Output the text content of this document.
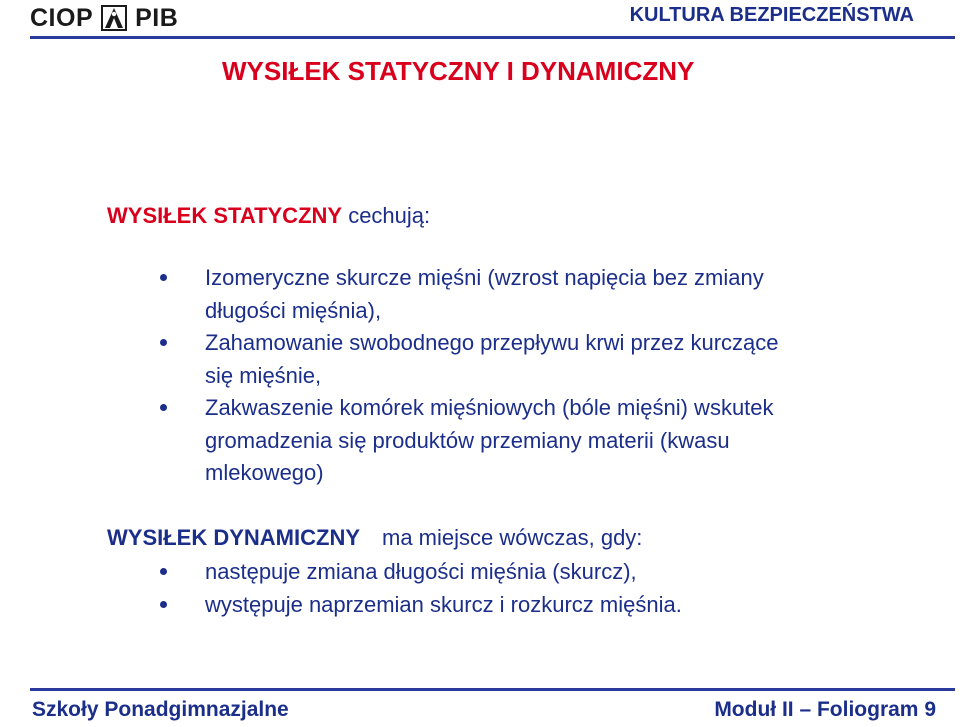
CIOP PIB	KULTURA BEZPIECZEŃSTWA
WYSIŁEK STATYCZNY I DYNAMICZNY
WYSIŁEK STATYCZNY cechują:
Izomeryczne skurcze mięśni (wzrost napięcia bez zmiany długości mięśnia),
Zahamowanie swobodnego przepływu krwi przez kurczące się mięśnie,
Zakwaszenie komórek mięśniowych (bóle mięśni) wskutek gromadzenia się produktów przemiany materii (kwasu mlekowego)
WYSIŁEK DYNAMICZNY ma miejsce wówczas, gdy:
następuje zmiana długości mięśnia (skurcz),
występuje naprzemian skurcz i rozkurcz mięśnia.
Szkoły Ponadgimnazjalne	Moduł II – Foliogram 9
